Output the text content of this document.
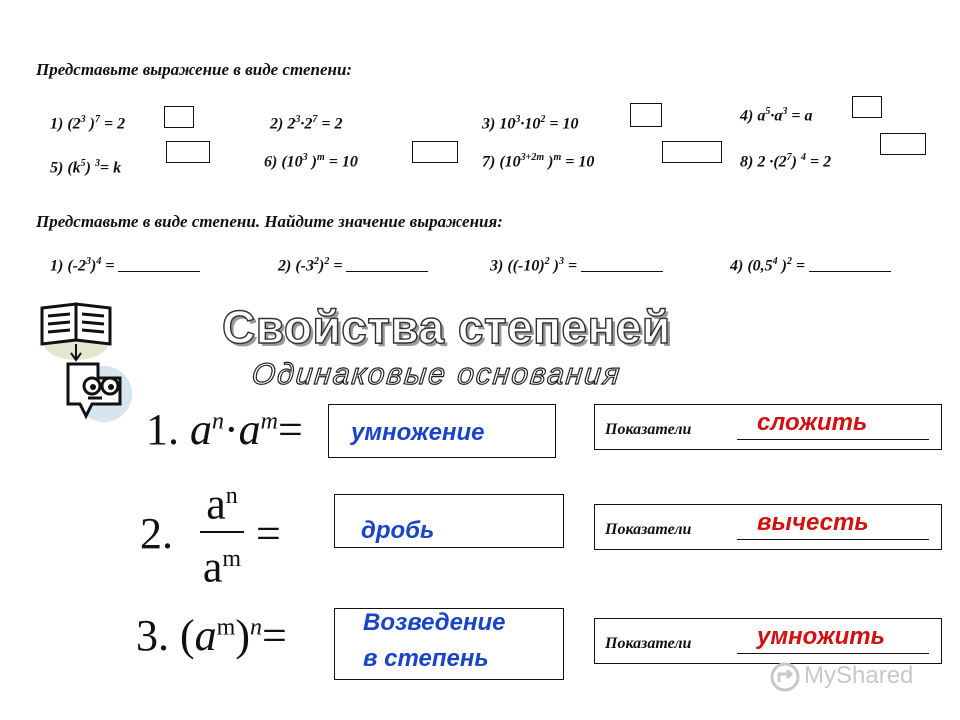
Представьте выражение в виде степени:
1) ($2^3$ )$^7$ = 2	2) $2^3\cdot 2^7 = 2$	3) $10^3\cdot 10^2 = 10$	4) $a^5\cdot a^3 = a$
5) $(k^5)$ $^3$= k	6) ($10^3$ )$^m$ = 10	7) ($10^{3+2m}$ )$^m$ = 10	8) $2 \cdot(2^7) ^4 = 2$
Представьте в виде степени. Найдите значение выражения:
1) $(-2^3)^4$ =	2) $(-3^2)^2$ =	3) ($(-10)^2$ )$^3$ =	4) ($0,5^4$ )$^2$ =
Свойства степеней
Одинаковые основания
1. $a^n\cdot a^m=$ умножение	Показатели	сложить
2.
$a^n$
$a^m$
=	дробь	Показатели	вычесть
3. $(a^m)^n=$	Возведение
в степень
Показатели	умножить
MyShared
